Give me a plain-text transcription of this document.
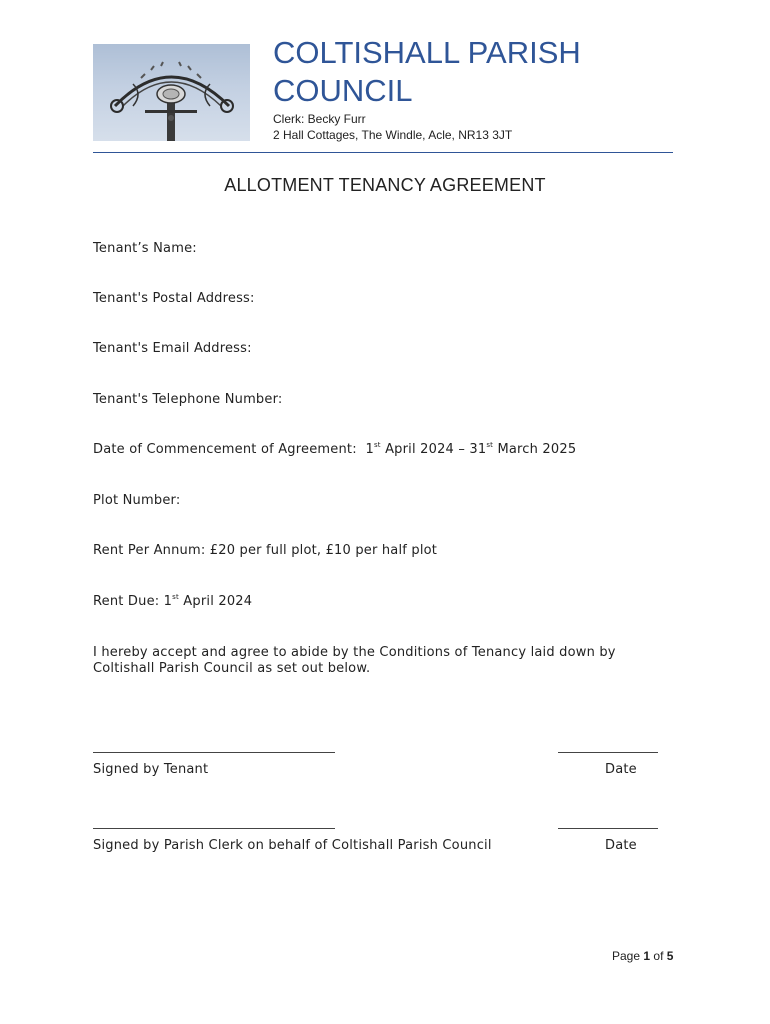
COLTISHALL PARISH COUNCIL
Clerk: Becky Furr
2 Hall Cottages, The Windle, Acle, NR13 3JT
ALLOTMENT TENANCY AGREEMENT
Tenant’s Name:
Tenant's Postal Address:
Tenant's Email Address:
Tenant's Telephone Number:
Date of Commencement of Agreement: 1st April 2024 – 31st March 2025
Plot Number:
Rent Per Annum: £20 per full plot, £10 per half plot
Rent Due: 1st April 2024
I hereby accept and agree to abide by the Conditions of Tenancy laid down by Coltishall Parish Council as set out below.
Signed by Tenant	Date
Signed by Parish Clerk on behalf of Coltishall Parish Council	Date
Page 1 of 5
